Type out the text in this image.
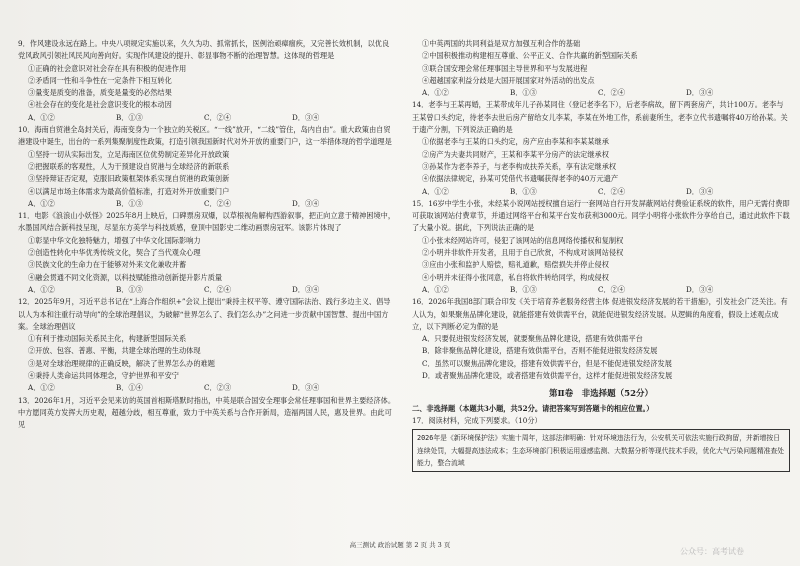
9．作风建设永远在路上。中央八项规定实施以来，久久为功、抓常抓长，医例治顽瘴痼疾，又完善长效机制，以优良党风政风引领社风民风向善向好。实现作风建设的提升、彰显事物不断的治理智慧。这体现的哲理是

①正确的社会意识对社会存在具有积极的促进作用

②矛盾同一性和斗争性在一定条件下相互转化

③量变是质变的准备，质变是量变的必然结果

④社会存在的变化是社会意识变化的根本动因

A．①②	B．①③	C．②④	D．③④

10．海南自贸港全岛封关后，海南变身为一个独立的关税区。“一线”放开，“二线”管住，岛内自由”。重大政策由自贸港建设中诞生，出台的一系列集聚制度性政策，打造引领我国新时代对外开放的重要门户，这一举措体现的哲学道理是

①坚持一切从实际出发，立足海南区位优势制定差异化开放政策

②把握联系的客观性，人为干预建设自贸港与全球经济的新联系

③坚持辩证否定观，克服旧政策框架体系实现自贸港的政策创新

④以满足市场主体需求为最高价值标准，打造对外开放重要门户

A．①②	B．①③	C．②④	D．③④

11．电影《浪浪山小妖怪》2025年8月上映后，口碑票房双爆，以草根视角解构西游叙事，把正向立意于精神困境中，水墨国风结合新科技呈现，尽显东方美学与科技质感，登顶中国影史二维动画票房冠军。该影片体现了

①彰显中华文化独特魅力，增强了中华文化国际影响力

②创造性转化中华优秀传统文化，契合了当代观众心理

③民族文化的生命力在于能够对外来文化兼收并蓄

④融会贯通不同文化资源，以科技赋能推动创新提升影片质量

A．①②	B．①③	C．②④	D．③④

12．2025年9月，习近平总书记在“上海合作组织+”会议上提出“秉持主权平等、遵守国际法治、践行多边主义、倡导以人为本和注重行动导向”的全球治理倡议，为破解“世界怎么了、我们怎么办”之问进一步贡献中国智慧、提出中国方案。全球治理倡议

①有利于推动国际关系民主化，构建新型国际关系

②开放、包容、普惠、平衡，共建全球治理的生动体现

③是对全球治理规律的正确反映，解决了世界怎么办的难题

④秉持人类命运共同体理念，守护世界和平安宁

A．①②	B．①④	C．②③	D．③④

13．2026年1月，习近平会见来访的英国首相斯塔默时指出，中英是联合国安全理事会常任理事国和世界主要经济体。中方愿同英方发挥大历史观，超越分歧，相互尊重，致力于中英关系与合作开新局，造福两国人民，惠及世界。由此可见

①中英两国的共同利益是双方加强互利合作的基础

②中国积极推动构建相互尊重、公平正义、合作共赢的新型国际关系

③联合国安理会常任理事国主导世界和平与发展进程

④超越国家利益分歧是大国开展国家对外活动的出发点

A．①②	B．①③	C．②④	D．③④

14．老李与王某再婚，王某带成年儿子孙某同住（登记老李名下），后老李病故，留下两套房产，共计100万。老李与王某曾口头约定，待老李去世后房产留给女儿李某，李某在外地工作，系前妻所生，老李立代书遗嘱将40万给孙某。关于遗产分割，下列说法正确的是

①依据老李与王某的口头约定，房产应由李某和李某某继承

②房产为夫妻共同财产，王某和李某平分房产的法定继承权

③孙某作为老李养子，与老李构成扶养关系，享有法定继承权

④依据法律规定，孙某可凭借代书遗嘱获得老李的40万元遗产

A．①②	B．①③	C．②④	D．③④

15．16岁中学生小张，未经某小说网站授权擅自运行一套网站自行开发屏蔽网站付费验证系统的软件，用户无需付费即可获取该网站付费章节，并通过网络平台和某平台发布获利3000元。同学小明将小张软件分享给自己，通过此软件下载了大量小说。据此，下列说法正确的是

①小张未经网站许可，侵犯了该网站的信息网络传播权和复制权

②小明并非软件开发者，且用于自己欣赏，不构成对该网站侵权

③应由小张和监护人赔偿，赔礼道歉，赔偿损失并停止侵权

④小明并未征得小张同意，私自将软件转给同学，构成侵权

A．①②	B．①③	C．②④	D．③④

16．2026年我国8部门联合印发《关于培育养老服务经营主体 促进银发经济发展的若干措施》，引发社会广泛关注。有人认为，如果聚焦品牌化建设，就能搭建有效供需平台，就能促进银发经济发展。从逻辑的角度看，假设上述观点成立，以下判断必定为假的是

A．只要促进银发经济发展，就要聚焦品牌化建设，搭建有效供需平台

B．除非聚焦品牌化建设，搭建有效供需平台，否则不能促进银发经济发展

C．虽然可以聚焦品牌化建设，搭建有效供需平台，但是不能促进银发经济发展

D．或者聚焦品牌化建设，或者搭建有效供需平台，这样才能促进银发经济发展

第Ⅱ卷　非选择题（52分）

二、非选择题（本题共3小题，共52分。请把答案写到答题卡的相应位置。）

17．阅读材料，完成下列要求。（10分）

2026年是《新环境保护法》实施十周年，这部法律明确：针对环境违法行为，公安机关可依法实施行政拘留，并新增按日连续处罚，大幅提高违法成本；生态环境部门积极运用遥感监测、大数据分析等现代技术手段，优化大气污染问题精准查处能力，整合流域
高三测试 政治试题 第 2 页 共 3 页
公众号：高考试卷
